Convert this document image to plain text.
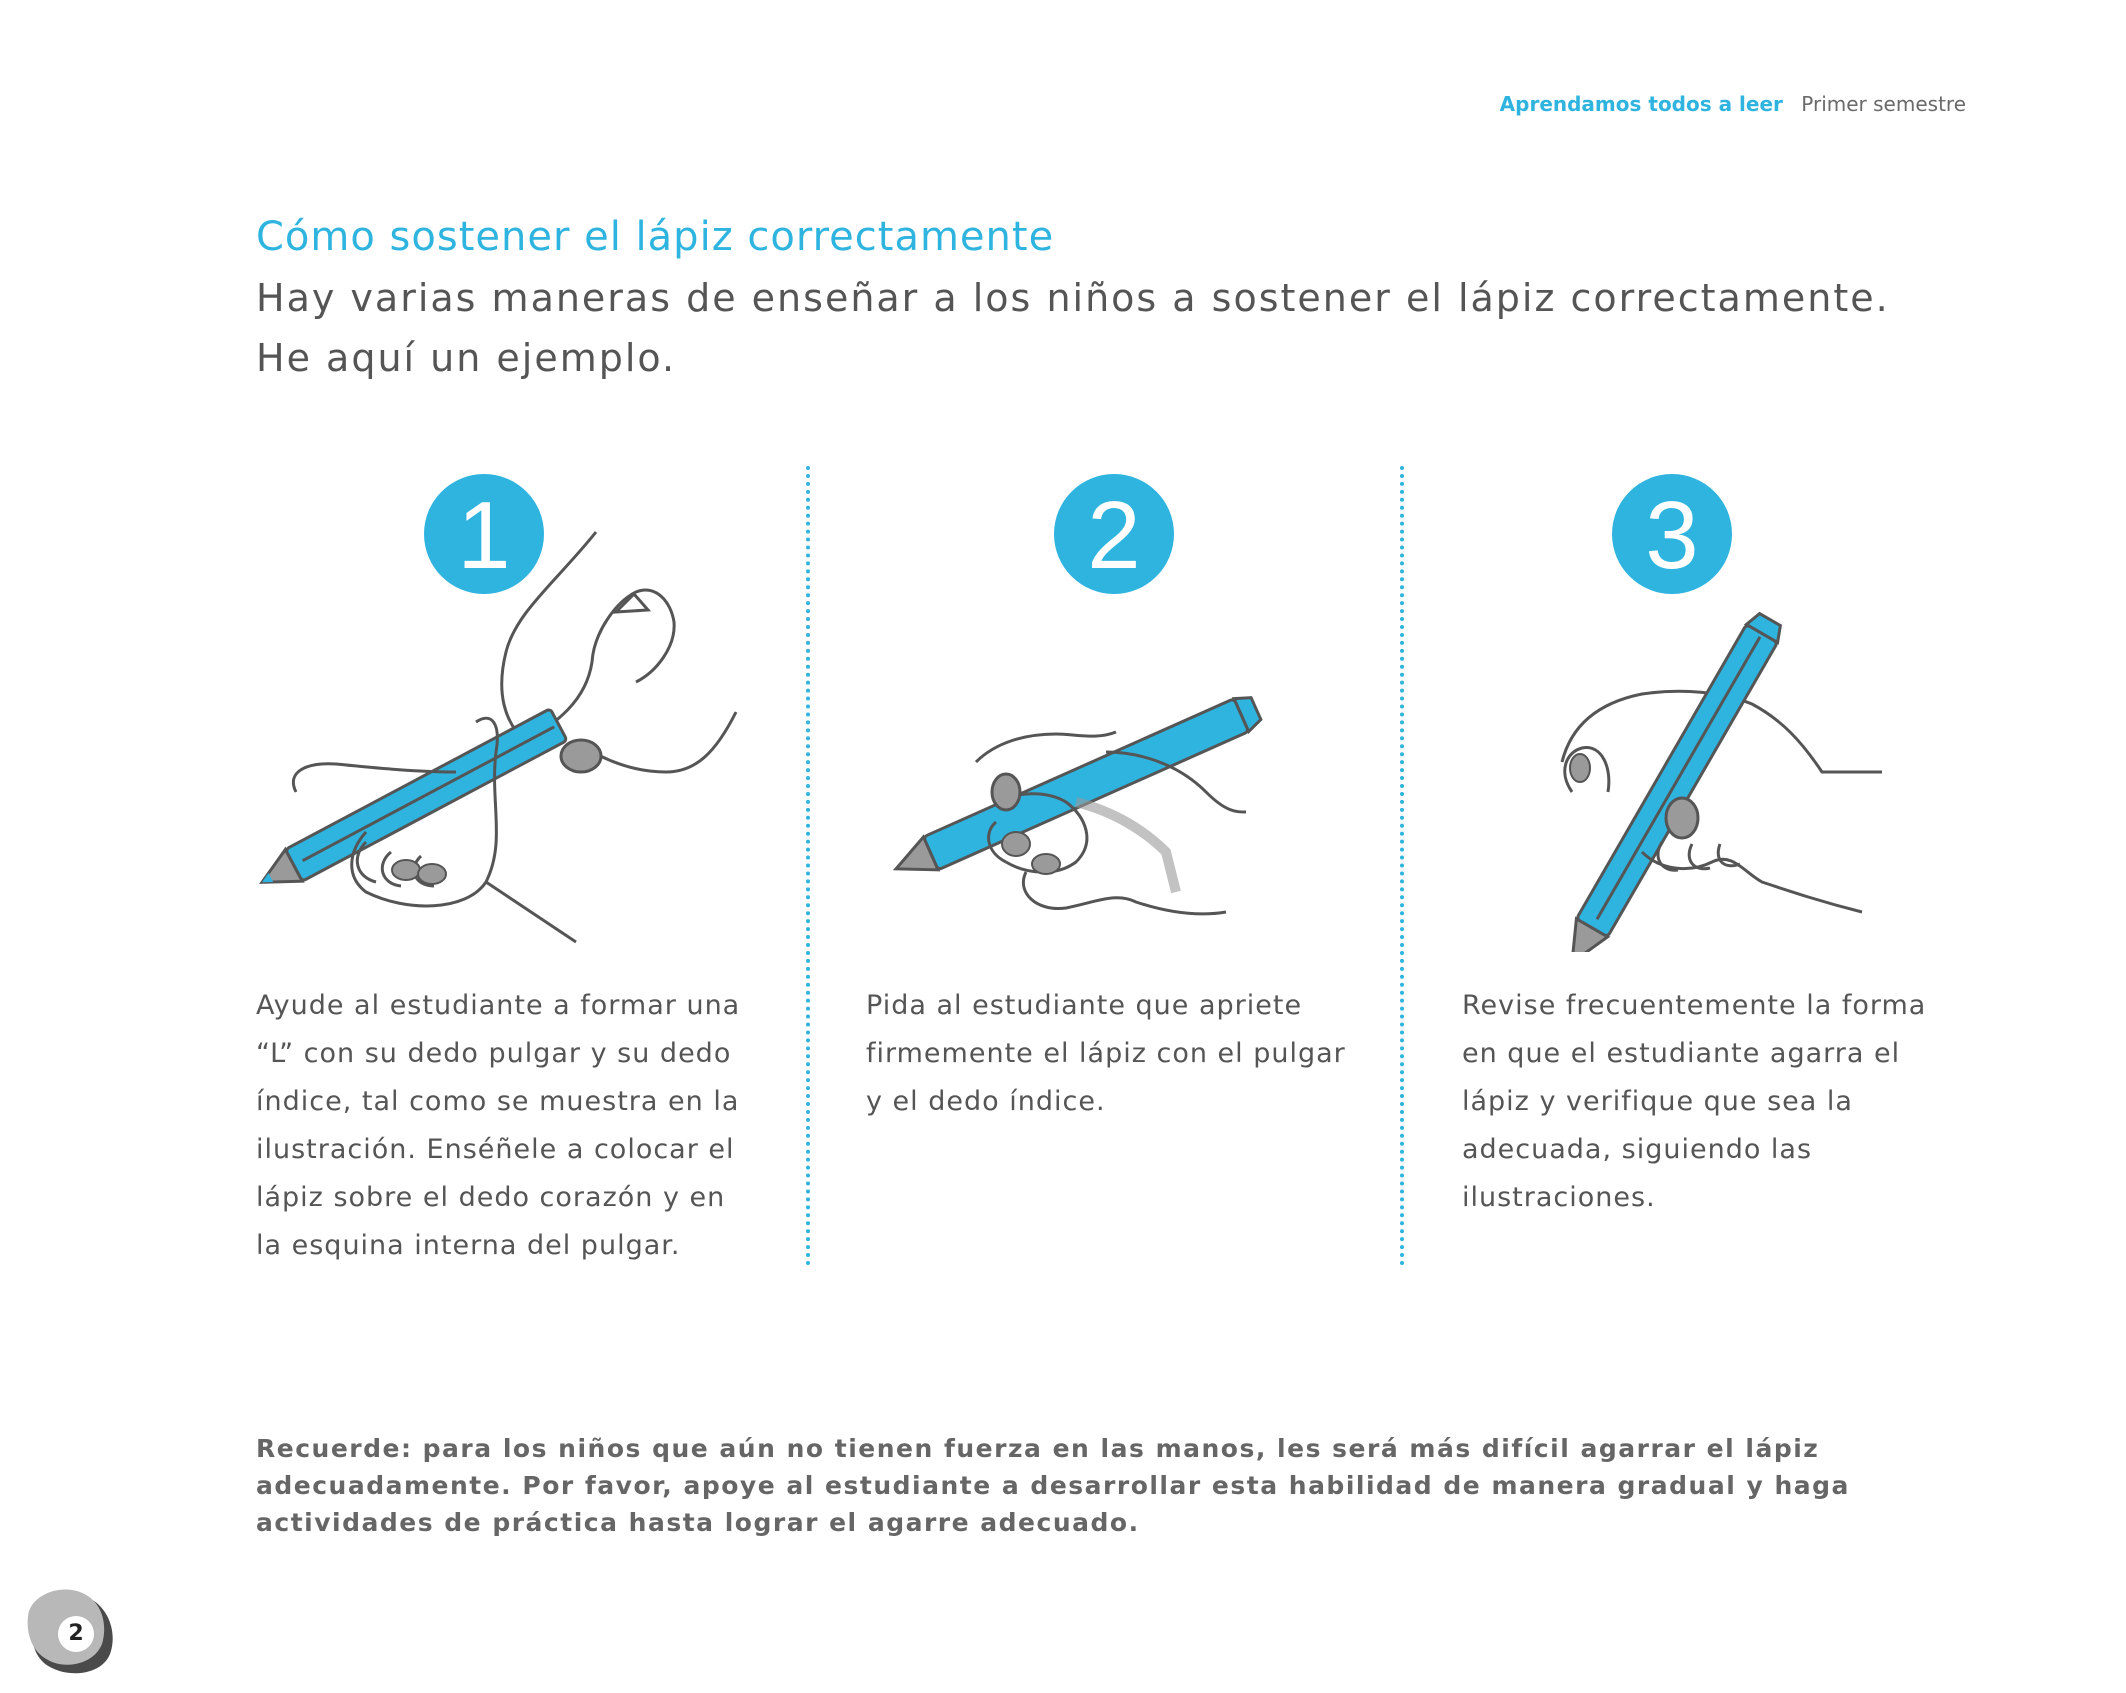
Aprendamos todos a leer Primer semestre
Cómo sostener el lápiz correctamente
Hay varias maneras de enseñar a los niños a sostener el lápiz correctamente. He aquí un ejemplo.
1
Ayude al estudiante a formar una “L” con su dedo pulgar y su dedo índice, tal como se muestra en la ilustración. Enséñele a colocar el lápiz sobre el dedo corazón y en la esquina interna del pulgar.
2
Pida al estudiante que apriete firmemente el lápiz con el pulgar y el dedo índice.
3
Revise frecuentemente la forma en que el estudiante agarra el lápiz y verifique que sea la adecuada, siguiendo las ilustraciones.
Recuerde: para los niños que aún no tienen fuerza en las manos, les será más difícil agarrar el lápiz adecuadamente. Por favor, apoye al estudiante a desarrollar esta habilidad de manera gradual y haga actividades de práctica hasta lograr el agarre adecuado.
2
